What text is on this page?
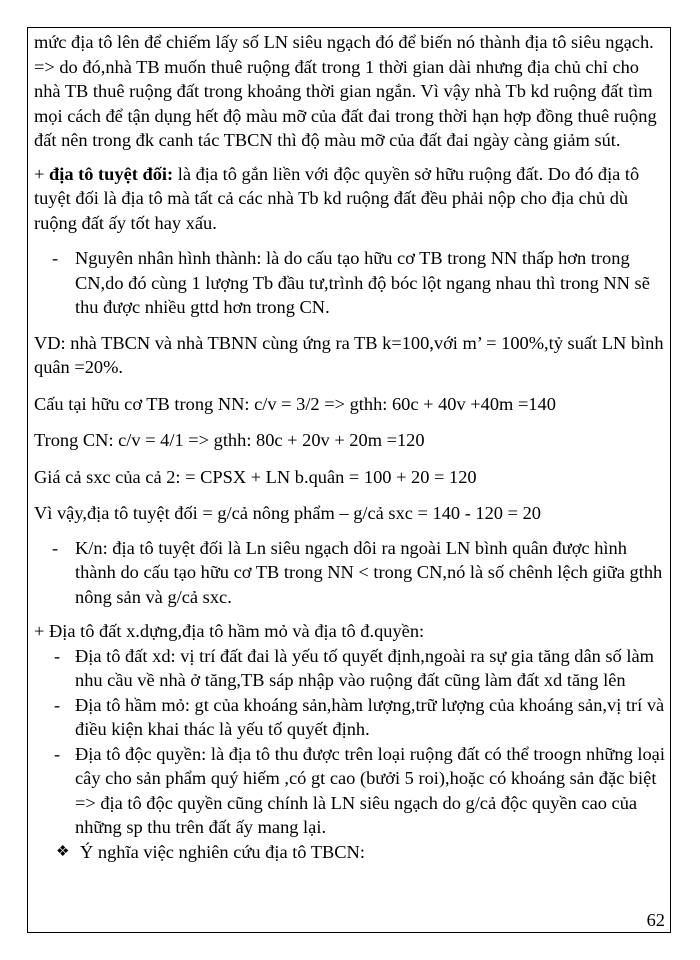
mức địa tô lên để chiếm lấy số LN siêu ngạch đó để biến nó thành địa tô siêu ngạch. => do đó,nhà TB muốn thuê ruộng đất trong 1 thời gian dài nhưng địa chủ chỉ cho nhà TB thuê ruộng đất trong khoảng thời gian ngắn. Vì vậy nhà Tb kd ruộng đất tìm mọi cách để tận dụng hết độ màu mỡ của đất đai trong thời hạn hợp đồng thuê ruộng đất nên trong đk canh tác TBCN thì độ màu mỡ của đất đai ngày càng giảm sút.

+ địa tô tuyệt đối: là địa tô gắn liền với độc quyền sở hữu ruộng đất. Do đó địa tô tuyệt đối là địa tô mà tất cả các nhà Tb kd ruộng đất đều phải nộp cho địa chủ dù ruộng đất ấy tốt hay xấu.

- Nguyên nhân hình thành: là do cấu tạo hữu cơ TB trong NN thấp hơn trong CN,do đó cùng 1 lượng Tb đầu tư,trình độ bóc lột ngang nhau thì trong NN sẽ thu được nhiều gttd hơn trong CN.

VD: nhà TBCN và nhà TBNN cùng ứng ra TB k=100,với m’ = 100%,tỷ suất LN bình quân =20%.

Cấu tại hữu cơ TB trong NN: c/v = 3/2 => gthh: 60c + 40v +40m =140

Trong CN: c/v = 4/1 => gthh: 80c + 20v + 20m =120

Giá cả sxc của cả 2: = CPSX + LN b.quân = 100 + 20 = 120

Vì vậy,địa tô tuyệt đối = g/cả nông phẩm – g/cả sxc = 140 - 120 = 20

- K/n: địa tô tuyệt đối là Ln siêu ngạch dôi ra ngoài LN bình quân được hình thành do cấu tạo hữu cơ TB trong NN < trong CN,nó là số chênh lệch giữa gthh nông sản và g/cả sxc.

+ Địa tô đất x.dựng,địa tô hầm mỏ và địa tô đ.quyền:

- Địa tô đất xd: vị trí đất đai là yếu tố quyết định,ngoài ra sự gia tăng dân số làm nhu cầu về nhà ở tăng,TB sáp nhập vào ruộng đất cũng làm đất xd tăng lên

- Địa tô hầm mỏ: gt của khoáng sản,hàm lượng,trữ lượng của khoáng sản,vị trí và điều kiện khai thác là yếu tố quyết định.

- Địa tô độc quyền: là địa tô thu được trên loại ruộng đất có thể troogn những loại cây cho sản phẩm quý hiếm ,có gt cao (bưởi 5 roi),hoặc có khoáng sản đặc biệt => địa tô độc quyền cũng chính là LN siêu ngạch do g/cả độc quyền cao của những sp thu trên đất ấy mang lại.

❖ Ý nghĩa việc nghiên cứu địa tô TBCN:

62
